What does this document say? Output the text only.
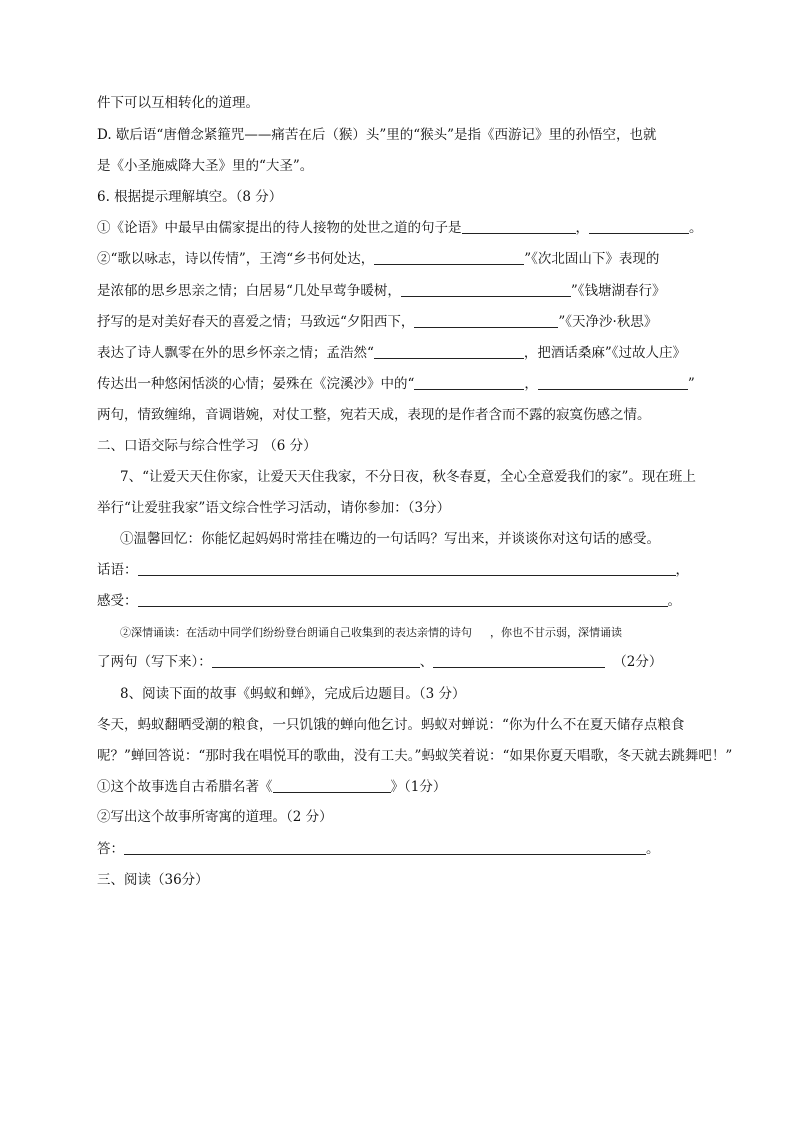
件下可以互相转化的道理。
D. 歇后语“唐僧念紧箍咒——痛苦在后（猴）头”里的“猴头”是指《西游记》里的孙悟空，也就
是《小圣施威降大圣》里的“大圣”。
6. 根据提示理解填空。（8 分）
①《论语》中最早由儒家提出的待人接物的处世之道的句子是	，	。
②“歌以咏志，诗以传情”，王湾“乡书何处达，	”《次北固山下》表现的
是浓郁的思乡思亲之情；白居易“几处早莺争暖树，	”《钱塘湖春行》
抒写的是对美好春天的喜爱之情；马致远“夕阳西下，	”《天净沙·秋思》
表达了诗人飘零在外的思乡怀亲之情；孟浩然“	，把酒话桑麻”《过故人庄》
传达出一种悠闲恬淡的心情；晏殊在《浣溪沙》中的“	，	”
两句，情致缠绵，音调谐婉，对仗工整，宛若天成，表现的是作者含而不露的寂寞伤感之情。
二、口语交际与综合性学习 （6 分）
7、“让爱天天住你家，让爱天天住我家，不分日夜，秋冬春夏，全心全意爱我们的家”。现在班上
举行“让爱驻我家”语文综合性学习活动，请你参加：（3分）
①温馨回忆：你能忆起妈妈时常挂在嘴边的一句话吗？写出来，并谈谈你对这句话的感受。
话语：	，
感受：	。
②深情诵读：在活动中同学们纷纷登台朗诵自己收集到的表达亲情的诗句 ，你也不甘示弱，深情诵读
了两句（写下来）：	、	（2分）
8、阅读下面的故事《蚂蚁和蝉》，完成后边题目。（3 分）
冬天，蚂蚁翻晒受潮的粮食，一只饥饿的蝉向他乞讨。蚂蚁对蝉说：“你为什么不在夏天储存点粮食
呢？”蝉回答说：“那时我在唱悦耳的歌曲，没有工夫。”蚂蚁笑着说：“如果你夏天唱歌，冬天就去跳舞吧！”
①这个故事选自古希腊名著《	》（1分）
②写出这个故事所寄寓的道理。（2 分）
答：	。
三、阅读（36分）
